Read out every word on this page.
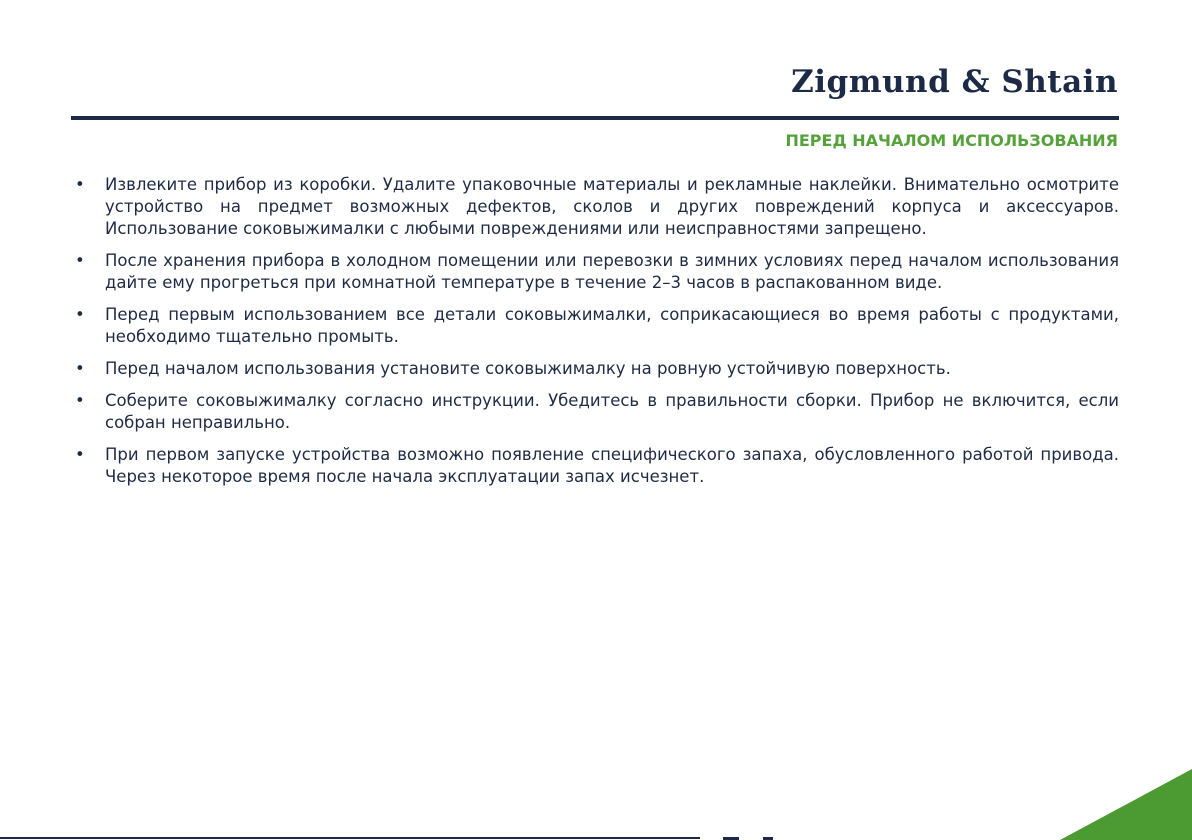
Zigmund & Shtain
ПЕРЕД НАЧАЛОМ ИСПОЛЬЗОВАНИЯ
• Извлеките прибор из коробки. Удалите упаковочные материалы и рекламные наклейки. Внимательно осмотрите устройство на предмет возможных дефектов, сколов и других повреждений корпуса и аксессуаров. Использование соковыжималки с любыми повреждениями или неисправностями запрещено.
• После хранения прибора в холодном помещении или перевозки в зимних условиях перед началом использования дайте ему прогреться при комнатной температуре в течение 2–3 часов в распакованном виде.
• Перед первым использованием все детали соковыжималки, соприкасающиеся во время работы с продуктами, необходимо тщательно промыть.
• Перед началом использования установите соковыжималку на ровную устойчивую поверхность.
• Соберите соковыжималку согласно инструкции. Убедитесь в правильности сборки. Прибор не включится, если собран неправильно.
• При первом запуске устройства возможно появление специфического запаха, обусловленного работой привода. Через некоторое время после начала эксплуатации запах исчезнет.
